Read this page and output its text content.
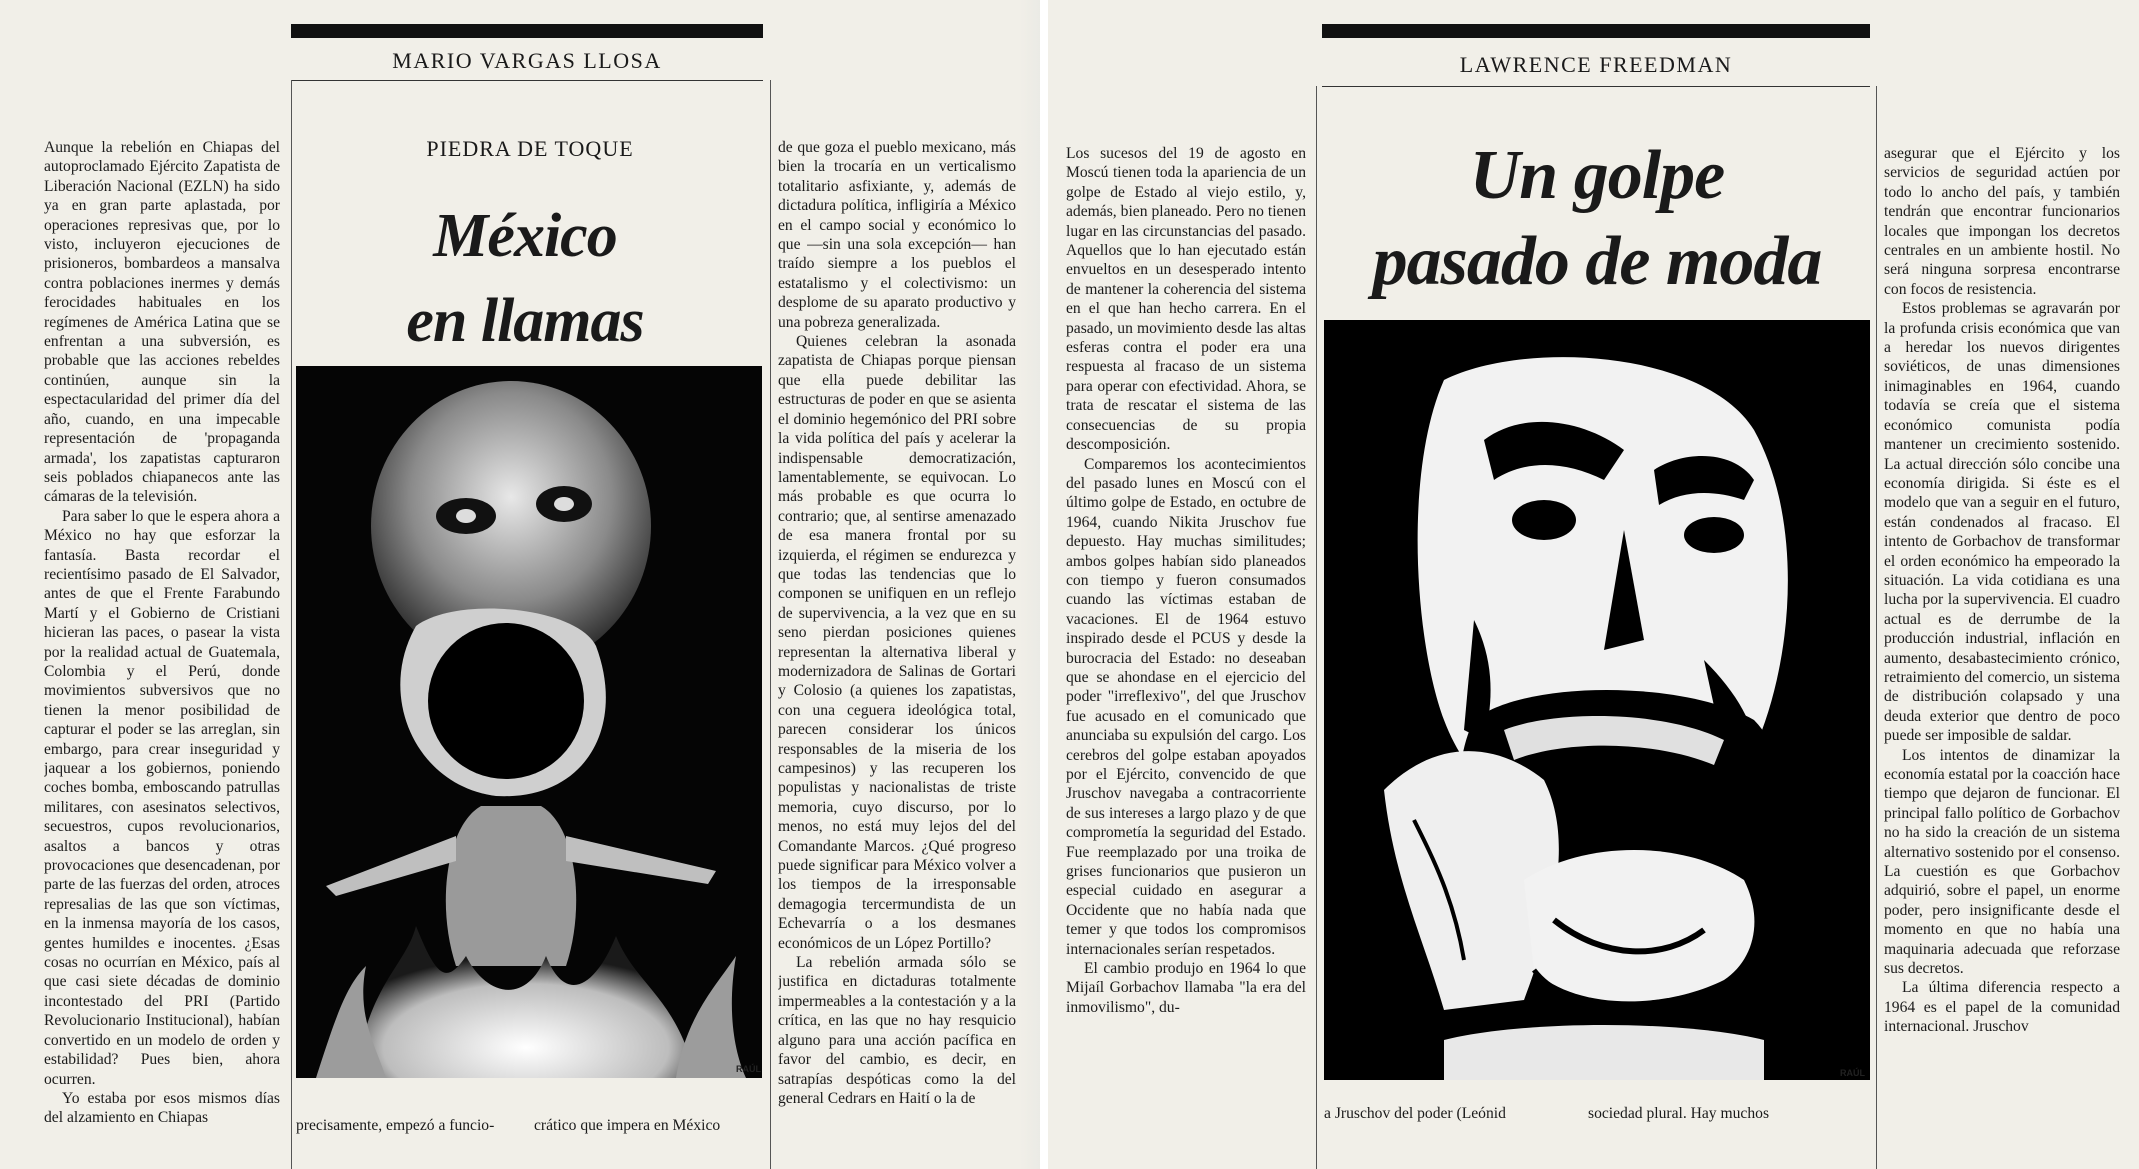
MARIO VARGAS LLOSA

Aunque la rebelión en Chiapas del autoproclamado Ejército Zapatista de Liberación Nacional (EZLN) ha sido ya en gran parte aplastada, por operaciones represivas que, por lo visto, incluyeron ejecuciones de prisioneros, bombardeos a mansalva contra poblaciones inermes y demás ferocidades habituales en los regímenes de América Latina que se enfrentan a una subversión, es probable que las acciones rebeldes continúen, aunque sin la espectacularidad del primer día del año, cuando, en una impecable representación de 'propaganda armada', los zapatistas capturaron seis poblados chiapanecos ante las cámaras de la televisión.

Para saber lo que le espera ahora a México no hay que esforzar la fantasía. Basta recordar el recientísimo pasado de El Salvador, antes de que el Frente Farabundo Martí y el Gobierno de Cristiani hicieran las paces, o pasear la vista por la realidad actual de Guatemala, Colombia y el Perú, donde movimientos subversivos que no tienen la menor posibilidad de capturar el poder se las arreglan, sin embargo, para crear inseguridad y jaquear a los gobiernos, poniendo coches bomba, emboscando patrullas militares, con asesinatos selectivos, secuestros, cupos revolucionarios, asaltos a bancos y otras provocaciones que desencadenan, por parte de las fuerzas del orden, atroces represalias de las que son víctimas, en la inmensa mayoría de los casos, gentes humildes e inocentes. ¿Esas cosas no ocurrían en México, país al que casi siete décadas de dominio incontestado del PRI (Partido Revolucionario Institucional), habían convertido en un modelo de orden y estabilidad? Pues bien, ahora ocurren.

Yo estaba por esos mismos días del alzamiento en Chiapas

PIEDRA DE TOQUE
México
en llamas
RAÚL

precisamente, empezó a funcio-	crático que impera en México

de que goza el pueblo mexicano, más bien la trocaría en un verticalismo totalitario asfixiante, y, además de dictadura política, infligiría a México en el campo social y económico lo que —sin una sola excepción— han traído siempre a los pueblos el estatalismo y el colectivismo: un desplome de su aparato productivo y una pobreza generalizada.

Quienes celebran la asonada zapatista de Chiapas porque piensan que ella puede debilitar las estructuras de poder en que se asienta el dominio hegemónico del PRI sobre la vida política del país y acelerar la indispensable democratización, lamentablemente, se equivocan. Lo más probable es que ocurra lo contrario; que, al sentirse amenazado de esa manera frontal por su izquierda, el régimen se endurezca y que todas las tendencias que lo componen se unifiquen en un reflejo de supervivencia, a la vez que en su seno pierdan posiciones quienes representan la alternativa liberal y modernizadora de Salinas de Gortari y Colosio (a quienes los zapatistas, con una ceguera ideológica total, parecen considerar los únicos responsables de la miseria de los campesinos) y las recuperen los populistas y nacionalistas de triste memoria, cuyo discurso, por lo menos, no está muy lejos del del Comandante Marcos. ¿Qué progreso puede significar para México volver a los tiempos de la irresponsable demagogia tercermundista de un Echevarría o a los desmanes económicos de un López Portillo?

La rebelión armada sólo se justifica en dictaduras totalmente impermeables a la contestación y a la crítica, en las que no hay resquicio alguno para una acción pacífica en favor del cambio, es decir, en satrapías despóticas como la del general Cedrars en Haití o la de

LAWRENCE FREEDMAN

Los sucesos del 19 de agosto en Moscú tienen toda la apariencia de un golpe de Estado al viejo estilo, y, además, bien planeado. Pero no tienen lugar en las circunstancias del pasado. Aquellos que lo han ejecutado están envueltos en un desesperado intento de mantener la coherencia del sistema en el que han hecho carrera. En el pasado, un movimiento desde las altas esferas contra el poder era una respuesta al fracaso de un sistema para operar con efectividad. Ahora, se trata de rescatar el sistema de las consecuencias de su propia descomposición.

Comparemos los acontecimientos del pasado lunes en Moscú con el último golpe de Estado, en octubre de 1964, cuando Nikita Jruschov fue depuesto. Hay muchas similitudes; ambos golpes habían sido planeados con tiempo y fueron consumados cuando las víctimas estaban de vacaciones. El de 1964 estuvo inspirado desde el PCUS y desde la burocracia del Estado: no deseaban que se ahondase en el ejercicio del poder "irreflexivo", del que Jruschov fue acusado en el comunicado que anunciaba su expulsión del cargo. Los cerebros del golpe estaban apoyados por el Ejército, convencido de que Jruschov navegaba a contracorriente de sus intereses a largo plazo y de que comprometía la seguridad del Estado. Fue reemplazado por una troika de grises funcionarios que pusieron un especial cuidado en asegurar a Occidente que no había nada que temer y que todos los compromisos internacionales serían respetados.

El cambio produjo en 1964 lo que Mijaíl Gorbachov llamaba "la era del inmovilismo", du-

Un golpe
pasado de moda
RAÚL

a Jruschov del poder (Leónid	sociedad plural. Hay muchos

asegurar que el Ejército y los servicios de seguridad actúen por todo lo ancho del país, y también tendrán que encontrar funcionarios locales que impongan los decretos centrales en un ambiente hostil. No será ninguna sorpresa encontrarse con focos de resistencia.

Estos problemas se agravarán por la profunda crisis económica que van a heredar los nuevos dirigentes soviéticos, de unas dimensiones inimaginables en 1964, cuando todavía se creía que el sistema económico comunista podía mantener un crecimiento sostenido. La actual dirección sólo concibe una economía dirigida. Si éste es el modelo que van a seguir en el futuro, están condenados al fracaso. El intento de Gorbachov de transformar el orden económico ha empeorado la situación. La vida cotidiana es una lucha por la supervivencia. El cuadro actual es de derrumbe de la producción industrial, inflación en aumento, desabastecimiento crónico, retraimiento del comercio, un sistema de distribución colapsado y una deuda exterior que dentro de poco puede ser imposible de saldar.

Los intentos de dinamizar la economía estatal por la coacción hace tiempo que dejaron de funcionar. El principal fallo político de Gorbachov no ha sido la creación de un sistema alternativo sostenido por el consenso. La cuestión es que Gorbachov adquirió, sobre el papel, un enorme poder, pero insignificante desde el momento en que no había una maquinaria adecuada que reforzase sus decretos.

La última diferencia respecto a 1964 es el papel de la comunidad internacional. Jruschov
